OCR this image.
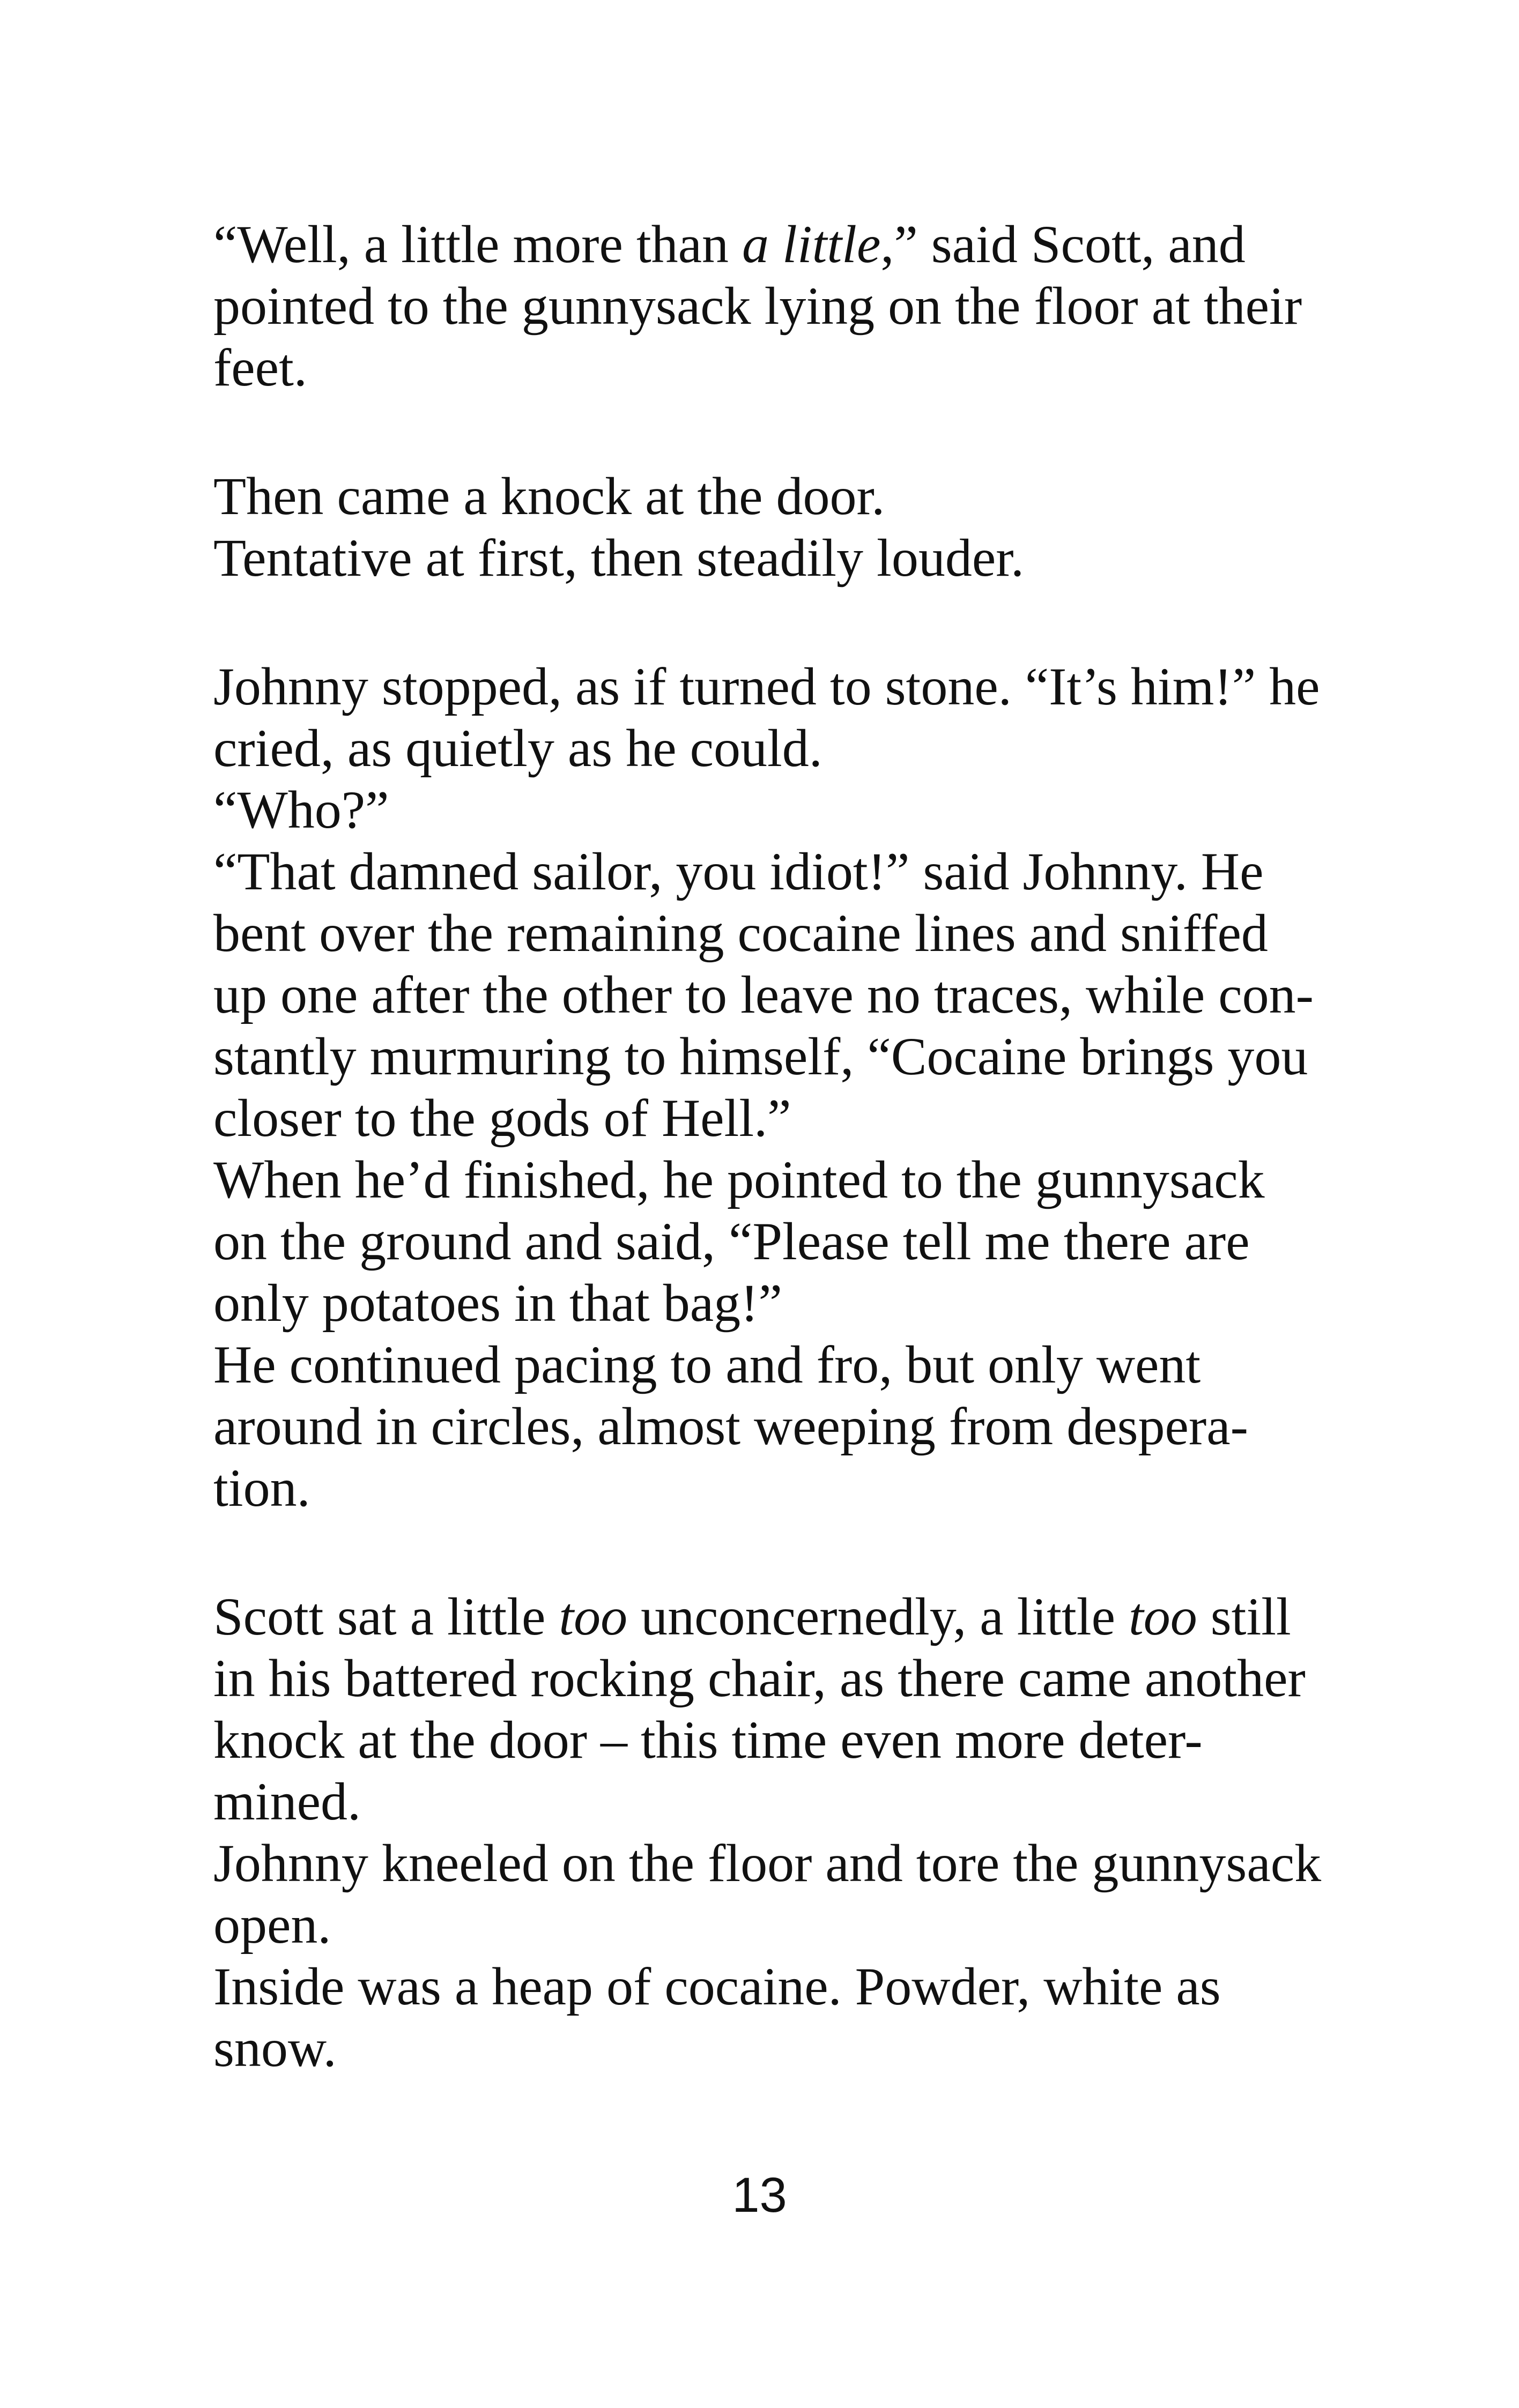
“Well, a little more than a little,” said Scott, and

pointed to the gunnysack lying on the floor at their

feet.

Then came a knock at the door.

Tentative at first, then steadily louder.

Johnny stopped, as if turned to stone. “It’s him!” he

cried, as quietly as he could.

“Who?”

“That damned sailor, you idiot!” said Johnny. He

bent over the remaining cocaine lines and sniffed

up one after the other to leave no traces, while con-

stantly murmuring to himself, “Cocaine brings you

closer to the gods of Hell.”

When he’d finished, he pointed to the gunnysack

on the ground and said, “Please tell me there are

only potatoes in that bag!”

He continued pacing to and fro, but only went

around in circles, almost weeping from despera-

tion.

Scott sat a little too unconcernedly, a little too still

in his battered rocking chair, as there came another

knock at the door – this time even more deter-

mined.

Johnny kneeled on the floor and tore the gunnysack

open.

Inside was a heap of cocaine. Powder, white as

snow.

13
